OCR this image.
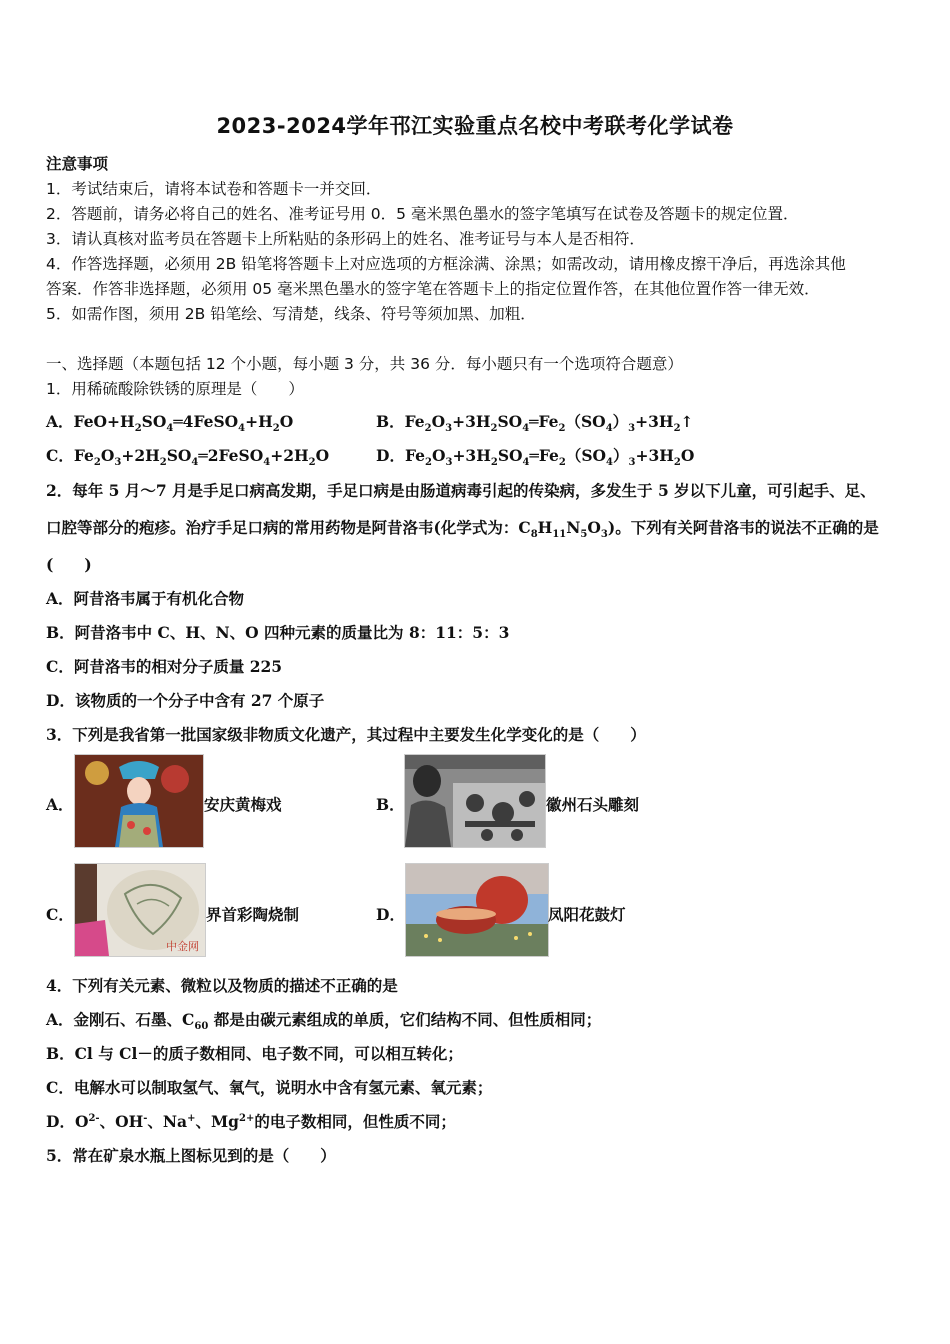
2023-2024学年邗江实验重点名校中考联考化学试卷
注意事项
1．考试结束后，请将本试卷和答题卡一并交回．
2．答题前，请务必将自己的姓名、准考证号用 0．5 毫米黑色墨水的签字笔填写在试卷及答题卡的规定位置．
3．请认真核对监考员在答题卡上所粘贴的条形码上的姓名、准考证号与本人是否相符．
4．作答选择题，必须用 2B 铅笔将答题卡上对应选项的方框涂满、涂黑；如需改动，请用橡皮擦干净后，再选涂其他
答案．作答非选择题，必须用 05 毫米黑色墨水的签字笔在答题卡上的指定位置作答，在其他位置作答一律无效．
5．如需作图，须用 2B 铅笔绘、写清楚，线条、符号等须加黑、加粗．
一、选择题（本题包括 12 个小题，每小题 3 分，共 36 分．每小题只有一个选项符合题意）
1．用稀硫酸除铁锈的原理是（　　）
A．$FeO+H_2SO_4═4FeSO_4+H_2O$	B．$Fe_2O_3+3H_2SO_4═Fe_2(SO_4)_3+3H_2↑$
C．$Fe_2O_3+2H_2SO_4═2FeSO_4+2H_2O$	D．$Fe_2O_3+3H_2SO_4═Fe_2(SO_4)_3+3H_2O$
2．每年 5 月～7 月是手足口病高发期，手足口病是由肠道病毒引起的传染病，多发生于 5 岁以下儿童，可引起手、足、
口腔等部分的疱疹。治疗手足口病的常用药物是阿昔洛韦(化学式为：$C_8H_{11}N_5O_3$)。下列有关阿昔洛韦的说法不正确的是
(　　)
A．阿昔洛韦属于有机化合物
B．阿昔洛韦中 C、H、N、O 四种元素的质量比为 8：11：5：3
C．阿昔洛韦的相对分子质量 225
D．该物质的一个分子中含有 27 个原子
3．下列是我省第一批国家级非物质文化遗产，其过程中主要发生化学变化的是（　　）
A．	安庆黄梅戏	B．	徽州石头雕刻
C．
中金网
界首彩陶烧制	D．	凤阳花鼓灯
4．下列有关元素、微粒以及物质的描述不正确的是
A．金刚石、石墨、$C_{60}$ 都是由碳元素组成的单质，它们结构不同、但性质相同；
B．Cl 与 Cl－的质子数相同、电子数不同，可以相互转化；
C．电解水可以制取氢气、氧气，说明水中含有氢元素、氧元素；
D．$O^{2-}$、OH-、Na+、$Mg^{2+}$的电子数相同，但性质不同；
5．常在矿泉水瓶上图标见到的是（　　）
